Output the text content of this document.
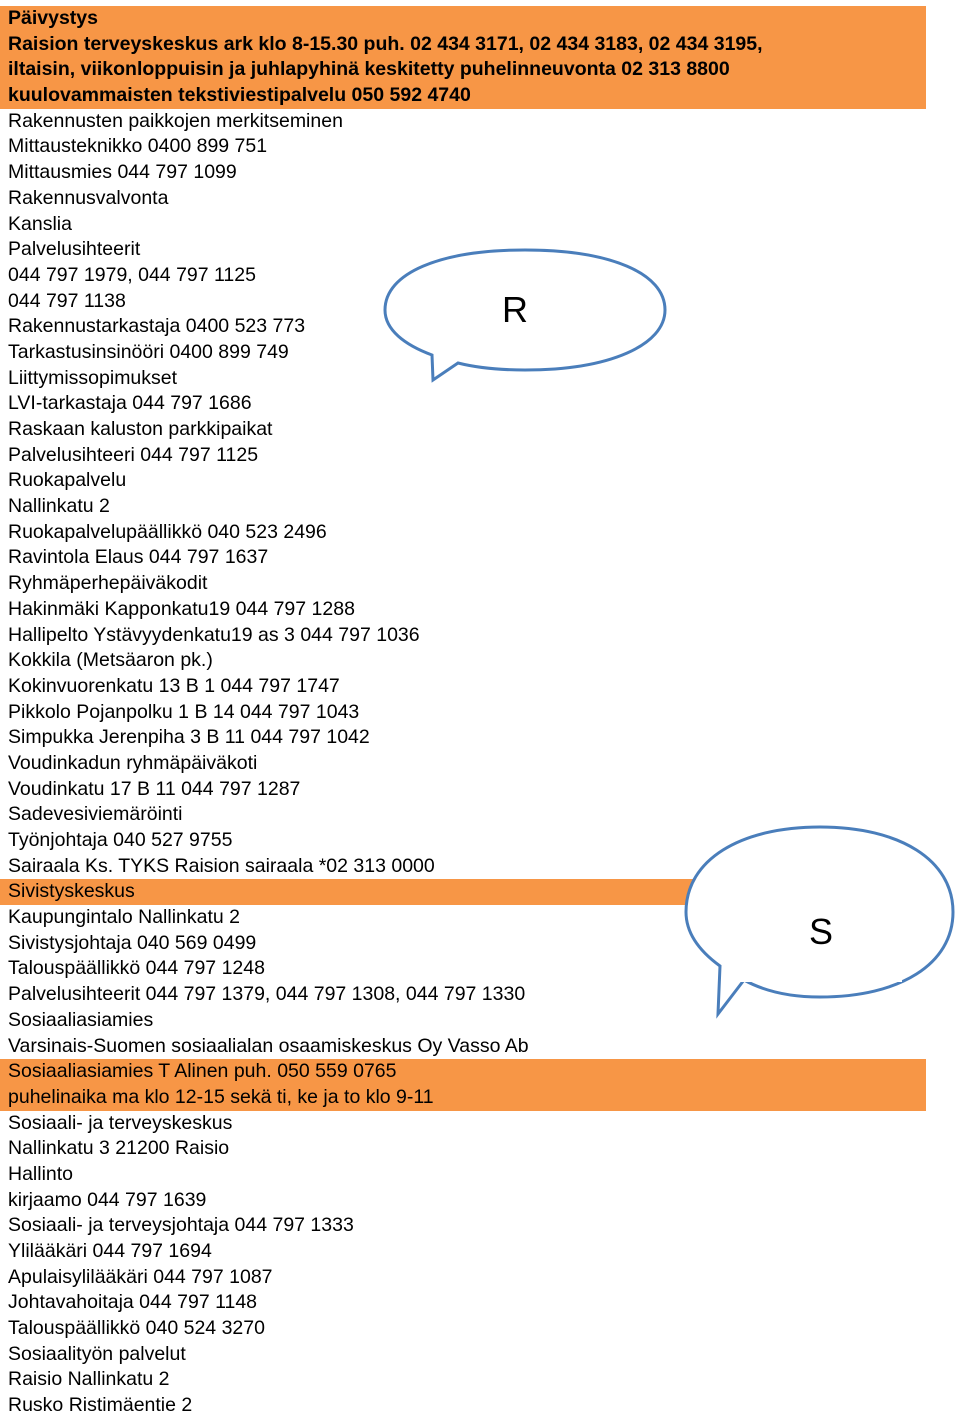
Päivystys
Raision terveyskeskus ark klo 8-15.30 puh. 02 434 3171, 02 434 3183, 02 434 3195,
iltaisin, viikonloppuisin ja juhlapyhinä keskitetty puhelinneuvonta 02 313 8800
kuulovammaisten tekstiviestipalvelu 050 592 4740
Rakennusten paikkojen merkitseminen
Mittausteknikko 0400 899 751
Mittausmies 044 797 1099
Rakennusvalvonta
Kanslia
Palvelusihteerit
044 797 1979, 044 797 1125
044 797 1138
Rakennustarkastaja 0400 523 773
Tarkastusinsinööri 0400 899 749
Liittymissopimukset
LVI-tarkastaja 044 797 1686
Raskaan kaluston parkkipaikat
Palvelusihteeri 044 797 1125
Ruokapalvelu
Nallinkatu 2
Ruokapalvelupäällikkö 040 523 2496
Ravintola Elaus 044 797 1637
Ryhmäperhepäiväkodit
Hakinmäki Kapponkatu19 044 797 1288
Hallipelto Ystävyydenkatu19 as 3 044 797 1036
Kokkila (Metsäaron pk.)
Kokinvuorenkatu 13 B 1 044 797 1747
Pikkolo Pojanpolku 1 B 14 044 797 1043
Simpukka Jerenpiha 3 B 11 044 797 1042
Voudinkadun ryhmäpäiväkoti
Voudinkatu 17 B 11 044 797 1287
Sadevesiviemäröinti
Työnjohtaja 040 527 9755
Sairaala Ks. TYKS Raision sairaala *02 313 0000
Sivistyskeskus
Kaupungintalo Nallinkatu 2
Sivistysjohtaja 040 569 0499
Talouspäällikkö 044 797 1248
Palvelusihteerit 044 797 1379, 044 797 1308, 044 797 1330
Sosiaaliasiamies
Varsinais-Suomen sosiaalialan osaamiskeskus Oy Vasso Ab
Sosiaaliasiamies T Alinen puh. 050 559 0765
puhelinaika ma klo 12-15 sekä ti, ke ja to klo 9-11
Sosiaali- ja terveyskeskus
Nallinkatu 3 21200 Raisio
Hallinto
kirjaamo 044 797 1639
Sosiaali- ja terveysjohtaja 044 797 1333
Ylilääkäri 044 797 1694
Apulaisylilääkäri 044 797 1087
Johtavahoitaja 044 797 1148
Talouspäällikkö 040 524 3270
Sosiaalityön palvelut
Raisio Nallinkatu 2
Rusko Ristimäentie 2
R
S
